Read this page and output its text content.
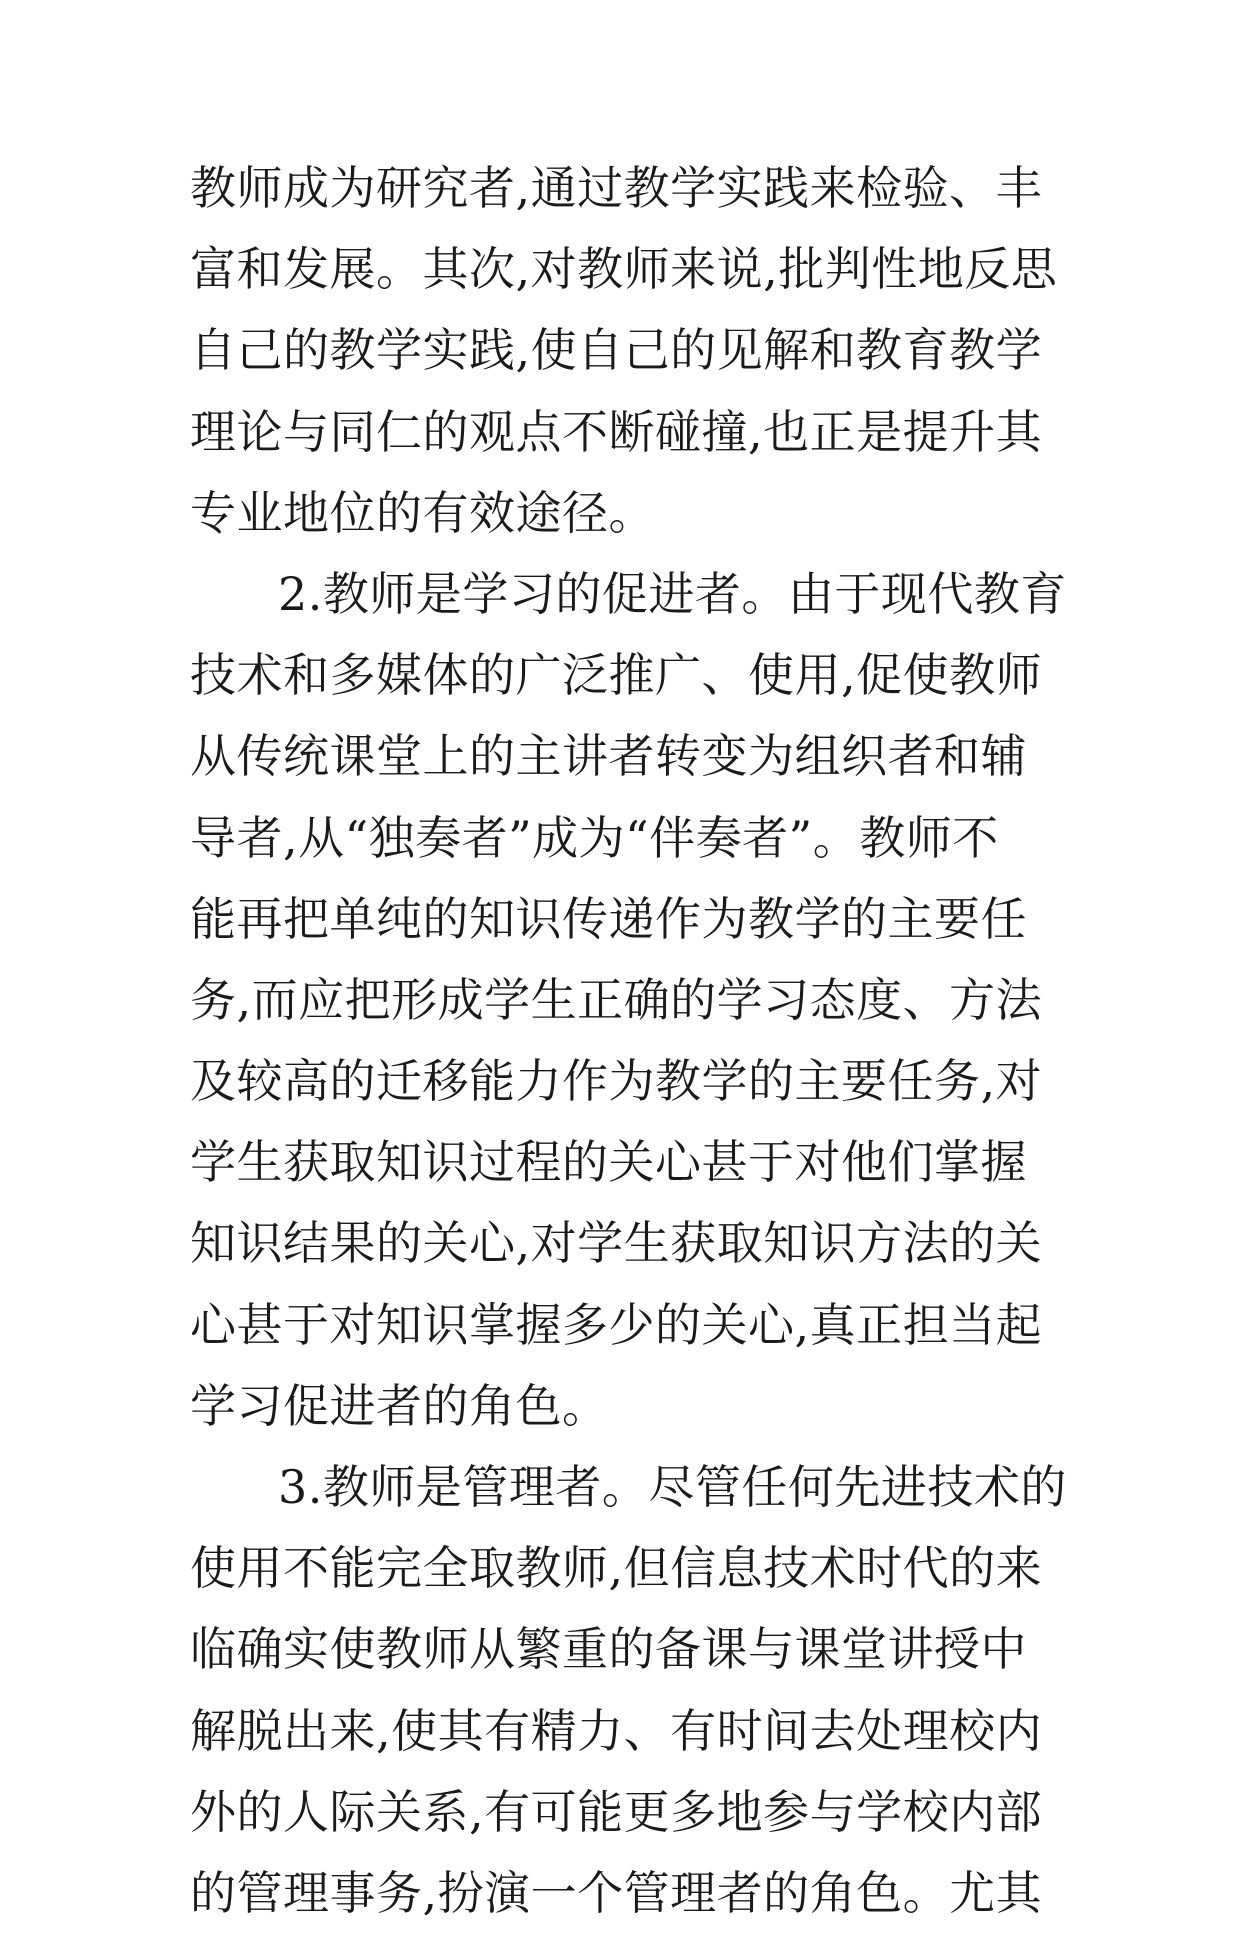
教师成为研究者,通过教学实践来检验、丰
富和发展。其次,对教师来说,批判性地反思
自己的教学实践,使自己的见解和教育教学
理论与同仁的观点不断碰撞,也正是提升其
专业地位的有效途径。
2.教师是学习的促进者。由于现代教育
技术和多媒体的广泛推广、使用,促使教师
从传统课堂上的主讲者转变为组织者和辅
导者,从“独奏者”成为“伴奏者”。教师不
能再把单纯的知识传递作为教学的主要任
务,而应把形成学生正确的学习态度、方法
及较高的迁移能力作为教学的主要任务,对
学生获取知识过程的关心甚于对他们掌握
知识结果的关心,对学生获取知识方法的关
心甚于对知识掌握多少的关心,真正担当起
学习促进者的角色。
3.教师是管理者。尽管任何先进技术的
使用不能完全取教师,但信息技术时代的来
临确实使教师从繁重的备课与课堂讲授中
解脱出来,使其有精力、有时间去处理校内
外的人际关系,有可能更多地参与学校内部
的管理事务,扮演一个管理者的角色。尤其
